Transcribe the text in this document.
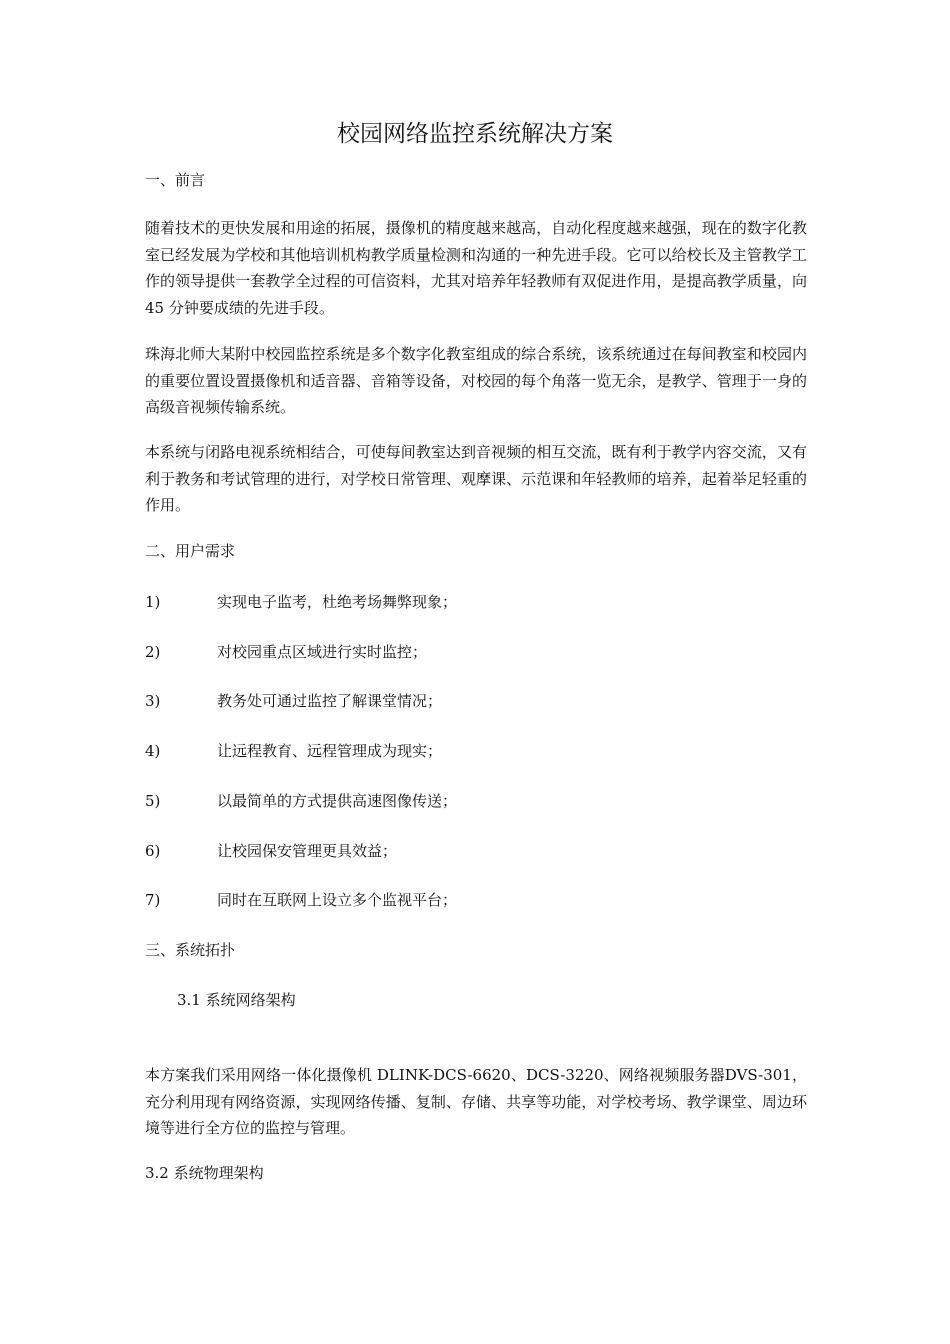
校园网络监控系统解决方案
一、前言
随着技术的更快发展和用途的拓展，摄像机的精度越来越高，自动化程度越来越强，现在的数字化教室已经发展为学校和其他培训机构教学质量检测和沟通的一种先进手段。它可以给校长及主管教学工作的领导提供一套教学全过程的可信资料，尤其对培养年轻教师有双促进作用，是提高教学质量，向 45 分钟要成绩的先进手段。
珠海北师大某附中校园监控系统是多个数字化教室组成的综合系统，该系统通过在每间教室和校园内的重要位置设置摄像机和适音器、音箱等设备，对校园的每个角落一览无余，是教学、管理于一身的高级音视频传输系统。
本系统与闭路电视系统相结合，可使每间教室达到音视频的相互交流，既有利于教学内容交流，又有利于教务和考试管理的进行，对学校日常管理、观摩课、示范课和年轻教师的培养，起着举足轻重的作用。
二、用户需求
1)	实现电子监考，杜绝考场舞弊现象；
2)	对校园重点区域进行实时监控；
3)	教务处可通过监控了解课堂情况；
4)	让远程教育、远程管理成为现实；
5)	以最简单的方式提供高速图像传送；
6)	让校园保安管理更具效益；
7)	同时在互联网上设立多个监视平台；
三、系统拓扑
3.1 系统网络架构
本方案我们采用网络一体化摄像机 DLINK-DCS-6620、DCS-3220、网络视频服务器DVS-301，充分利用现有网络资源，实现网络传播、复制、存储、共享等功能，对学校考场、教学课堂、周边环境等进行全方位的监控与管理。
3.2 系统物理架构
